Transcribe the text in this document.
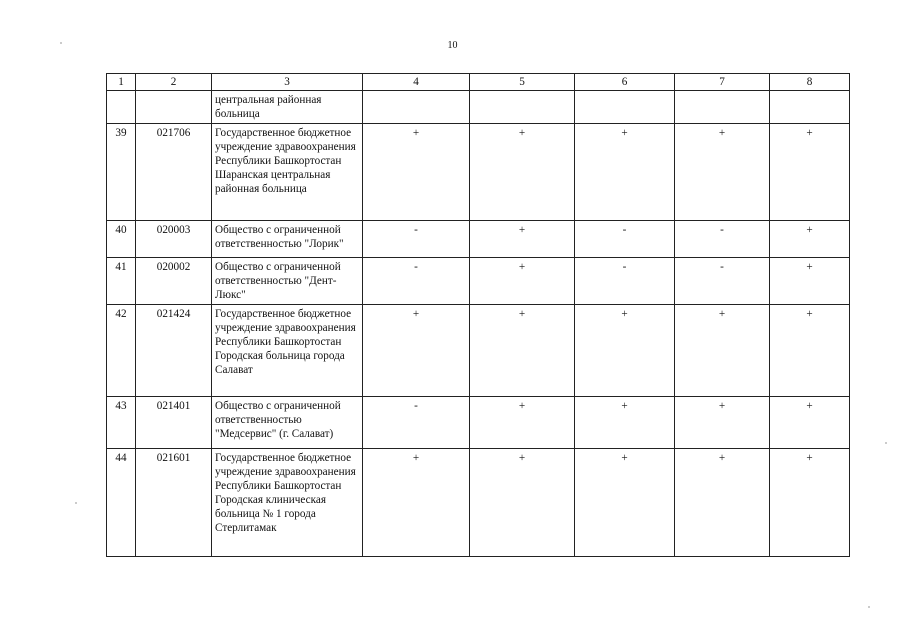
10
1	2	3	4	5	6	7	8
		центральная районная больница					
39	021706	Государственное бюджетное учреждение здравоохранения Республики Башкортостан Шаранская центральная районная больница	+	+	+	+	+
40	020003	Общество с ограниченной ответственностью "Лорик"	-	+	-	-	+
41	020002	Общество с ограниченной ответственностью "Дент-Люкс"	-	+	-	-	+
42	021424	Государственное бюджетное учреждение здравоохранения Республики Башкортостан Городская больница города Салават	+	+	+	+	+
43	021401	Общество с ограниченной ответственностью "Медсервис" (г. Салават)	-	+	+	+	+
44	021601	Государственное бюджетное учреждение здравоохранения Республики Башкортостан Городская клиническая больница № 1 города Стерлитамак	+	+	+	+	+
